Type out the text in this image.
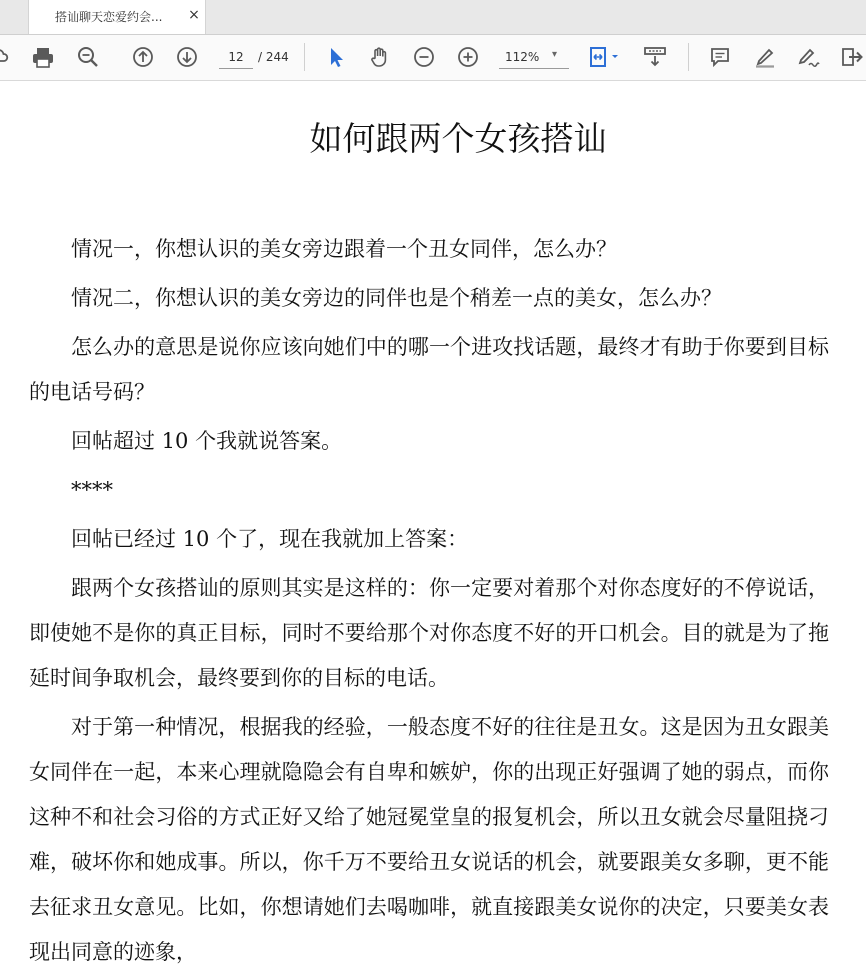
搭讪聊天恋爱约会...	×
12
/ 244	112% ▾
如何跟两个女孩搭讪

情况一，你想认识的美女旁边跟着一个丑女同伴，怎么办？

情况二，你想认识的美女旁边的同伴也是个稍差一点的美女，怎么办？

怎么办的意思是说你应该向她们中的哪一个进攻找话题，最终才有助于你要到目标的电话号码？

回帖超过 10 个我就说答案。

****

回帖已经过 10 个了，现在我就加上答案：

跟两个女孩搭讪的原则其实是这样的：你一定要对着那个对你态度好的不停说话，即使她不是你的真正目标，同时不要给那个对你态度不好的开口机会。目的就是为了拖延时间争取机会，最终要到你的目标的电话。

对于第一种情况，根据我的经验，一般态度不好的往往是丑女。这是因为丑女跟美女同伴在一起，本来心理就隐隐会有自卑和嫉妒，你的出现正好强调了她的弱点，而你这种不和社会习俗的方式正好又给了她冠冕堂皇的报复机会，所以丑女就会尽量阻挠刁难，破坏你和她成事。所以，你千万不要给丑女说话的机会，就要跟美女多聊，更不能去征求丑女意见。比如，你想请她们去喝咖啡，就直接跟美女说你的决定，只要美女表现出同意的迹象，
